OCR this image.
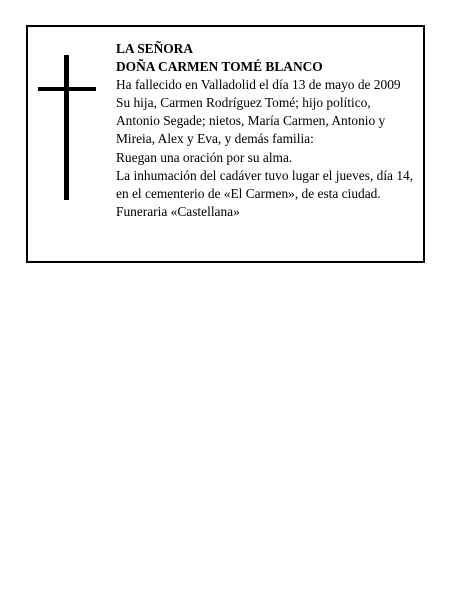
LA SEÑORA
DOÑA CARMEN TOMÉ BLANCO
Ha fallecido en Valladolid el día 13 de mayo de 2009
Su hija, Carmen Rodríguez Tomé; hijo político,
Antonio Segade; nietos, María Carmen, Antonio y
Mireia, Alex y Eva, y demás familia:
Ruegan una oración por su alma.
La inhumación del cadáver tuvo lugar el jueves, día 14,
en el cementerio de «El Carmen», de esta ciudad.
Funeraria «Castellana»
